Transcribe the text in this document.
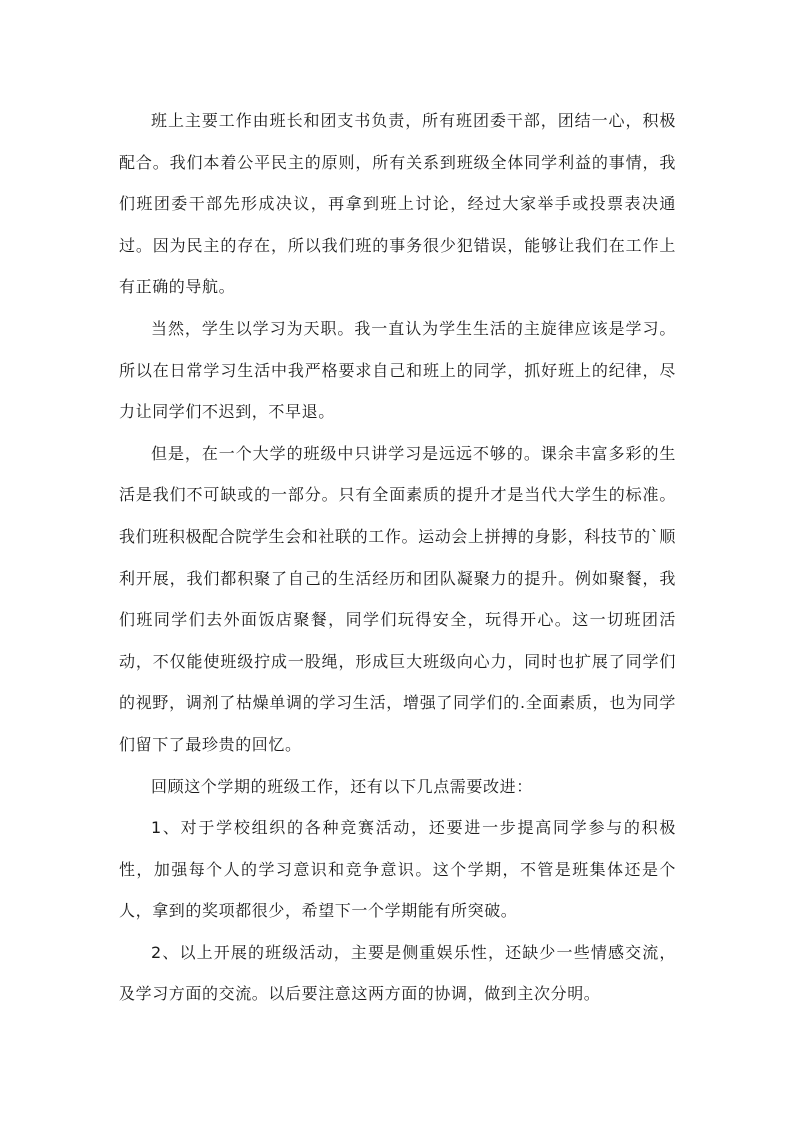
班上主要工作由班长和团支书负责，所有班团委干部，团结一心，积极配合。我们本着公平民主的原则，所有关系到班级全体同学利益的事情，我们班团委干部先形成决议，再拿到班上讨论，经过大家举手或投票表决通过。因为民主的存在，所以我们班的事务很少犯错误，能够让我们在工作上有正确的导航。

当然，学生以学习为天职。我一直认为学生生活的主旋律应该是学习。所以在日常学习生活中我严格要求自己和班上的同学，抓好班上的纪律，尽力让同学们不迟到，不早退。

但是，在一个大学的班级中只讲学习是远远不够的。课余丰富多彩的生活是我们不可缺或的一部分。只有全面素质的提升才是当代大学生的标准。我们班积极配合院学生会和社联的工作。运动会上拼搏的身影，科技节的`顺利开展，我们都积聚了自己的生活经历和团队凝聚力的提升。例如聚餐，我们班同学们去外面饭店聚餐，同学们玩得安全，玩得开心。这一切班团活动，不仅能使班级拧成一股绳，形成巨大班级向心力，同时也扩展了同学们的视野，调剂了枯燥单调的学习生活，增强了同学们的.全面素质，也为同学们留下了最珍贵的回忆。

回顾这个学期的班级工作，还有以下几点需要改进：

1、对于学校组织的各种竞赛活动，还要进一步提高同学参与的积极性，加强每个人的学习意识和竞争意识。这个学期，不管是班集体还是个人，拿到的奖项都很少，希望下一个学期能有所突破。

2、以上开展的班级活动，主要是侧重娱乐性，还缺少一些情感交流，及学习方面的交流。以后要注意这两方面的协调，做到主次分明。
